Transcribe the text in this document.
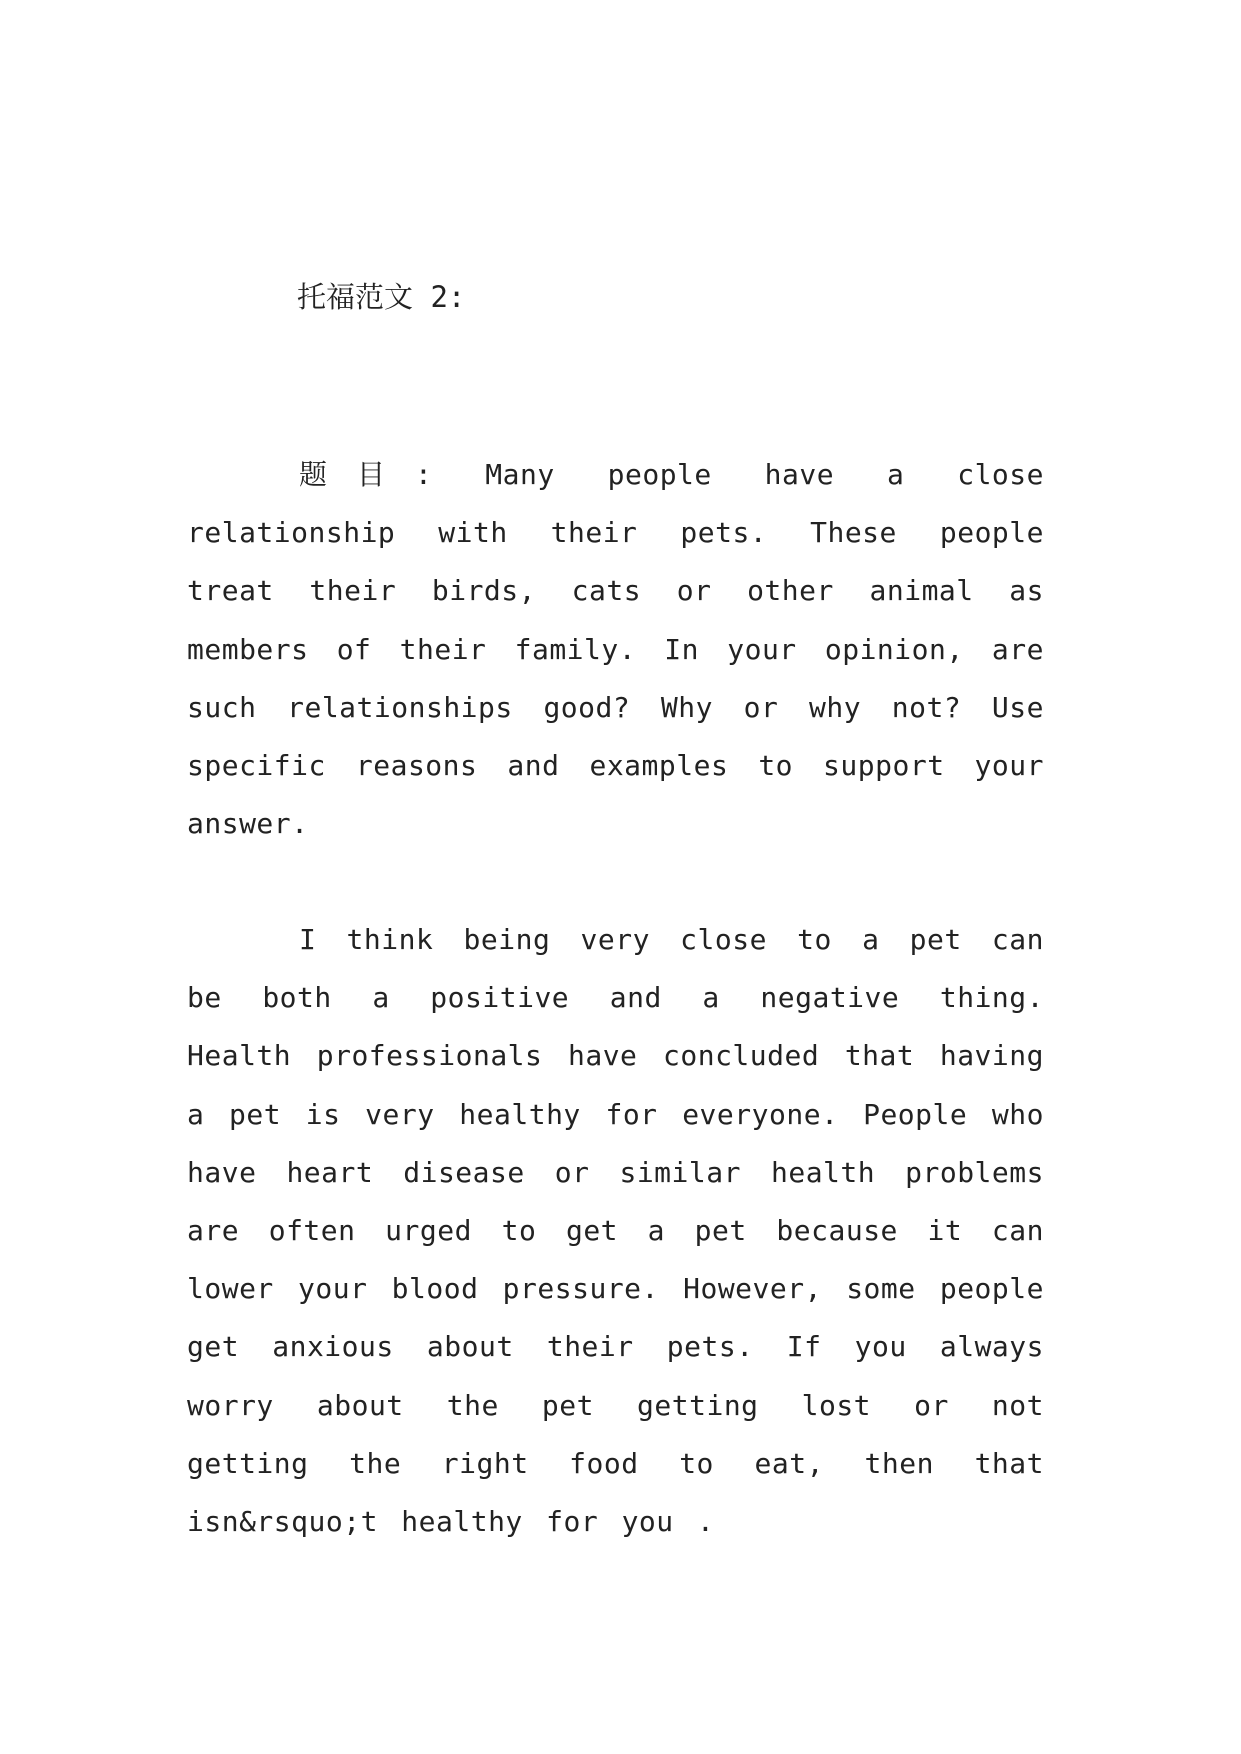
托福范文 2:

题目: Many people have a close relationship with their pets. These people treat their birds, cats or other animal as members of their family. In your opinion, are such relationships good? Why or why not? Use specific reasons and examples to support your answer.

I think being very close to a pet can be both a positive and a negative thing. Health professionals have concluded that having a pet is very healthy for everyone. People who have heart disease or similar health problems are often urged to get a pet because it can lower your blood pressure. However, some people get anxious about their pets. If you always worry about the pet getting lost or not getting the right food to eat, then that isn&rsquo;t healthy for you .
